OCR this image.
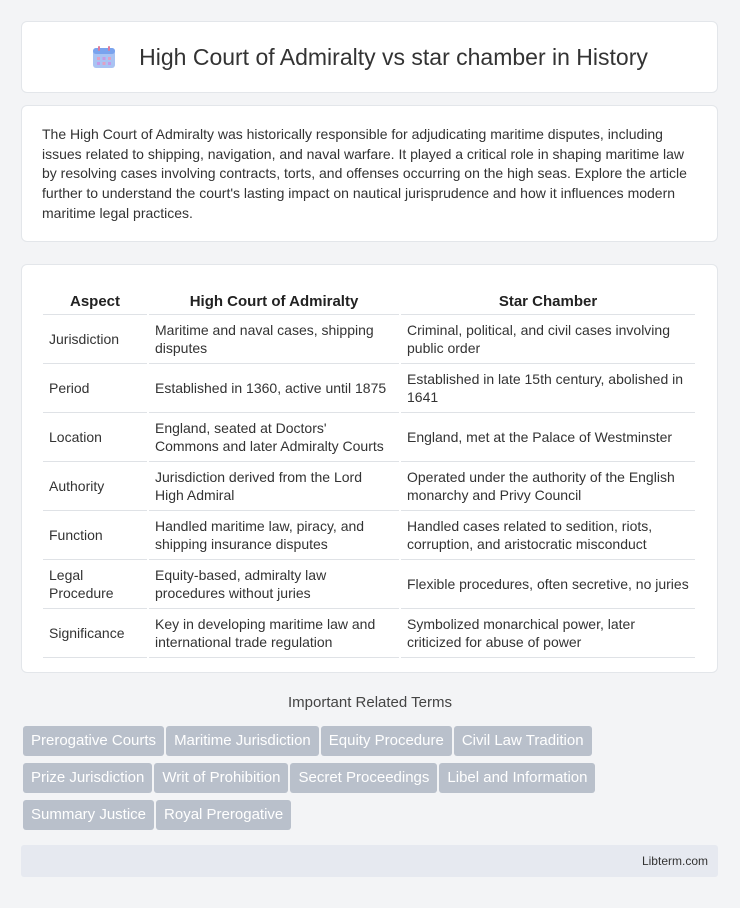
High Court of Admiralty vs star chamber in History

The High Court of Admiralty was historically responsible for adjudicating maritime disputes, including issues related to shipping, navigation, and naval warfare. It played a critical role in shaping maritime law by resolving cases involving contracts, torts, and offenses occurring on the high seas. Explore the article further to understand the court's lasting impact on nautical jurisprudence and how it influences modern maritime legal practices.

Aspect	High Court of Admiralty	Star Chamber
Jurisdiction	Maritime and naval cases, shipping disputes	Criminal, political, and civil cases involving public order
Period	Established in 1360, active until 1875	Established in late 15th century, abolished in 1641
Location	England, seated at Doctors' Commons and later Admiralty Courts	England, met at the Palace of Westminster
Authority	Jurisdiction derived from the Lord High Admiral	Operated under the authority of the English monarchy and Privy Council
Function	Handled maritime law, piracy, and shipping insurance disputes	Handled cases related to sedition, riots, corruption, and aristocratic misconduct
Legal Procedure	Equity-based, admiralty law procedures without juries	Flexible procedures, often secretive, no juries
Significance	Key in developing maritime law and international trade regulation	Symbolized monarchical power, later criticized for abuse of power
Important Related Terms
Prerogative Courts Maritime Jurisdiction Equity Procedure Civil Law Tradition
Prize Jurisdiction Writ of Prohibition Secret Proceedings Libel and Information
Summary Justice Royal Prerogative
Libterm.com
